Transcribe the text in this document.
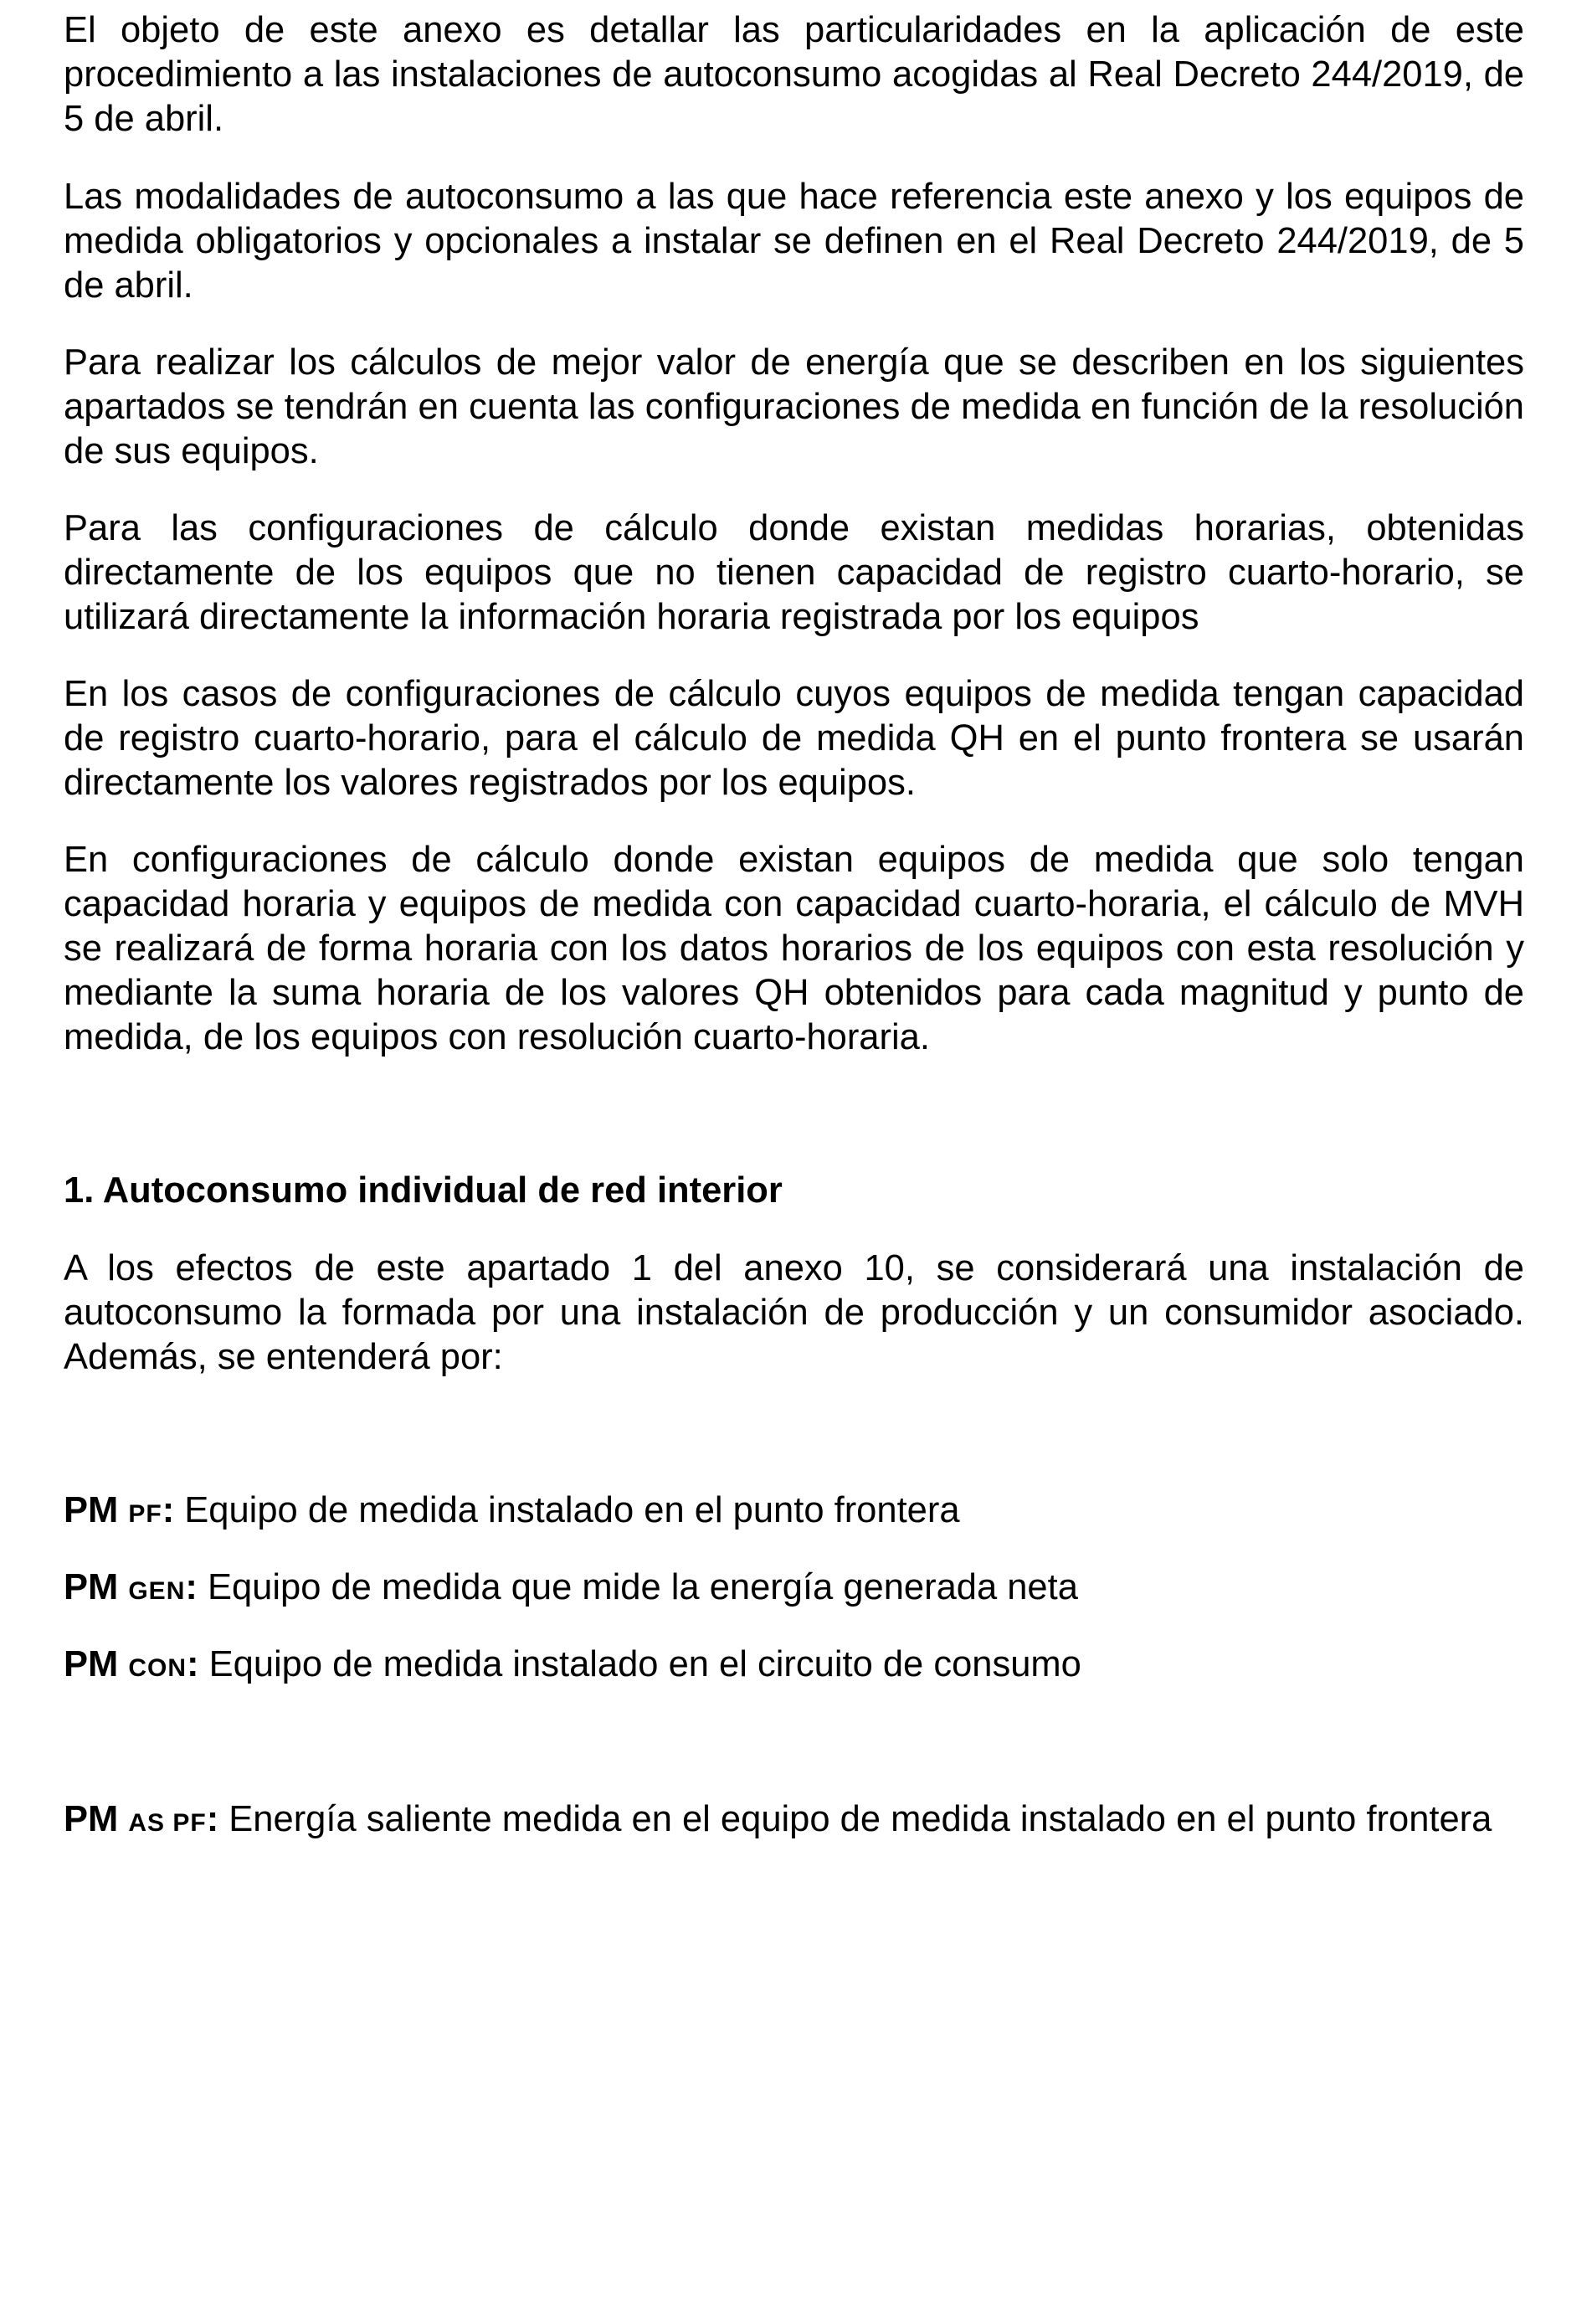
El objeto de este anexo es detallar las particularidades en la aplicación de este procedimiento a las instalaciones de autoconsumo acogidas al Real Decreto 244/2019, de 5 de abril.

Las modalidades de autoconsumo a las que hace referencia este anexo y los equipos de medida obligatorios y opcionales a instalar se definen en el Real Decreto 244/2019, de 5 de abril.

Para realizar los cálculos de mejor valor de energía que se describen en los siguientes apartados se tendrán en cuenta las configuraciones de medida en función de la resolución de sus equipos.

Para las configuraciones de cálculo donde existan medidas horarias, obtenidas directamente de los equipos que no tienen capacidad de registro cuarto-horario, se utilizará directamente la información horaria registrada por los equipos

En los casos de configuraciones de cálculo cuyos equipos de medida tengan capacidad de registro cuarto-horario, para el cálculo de medida QH en el punto frontera se usarán directamente los valores registrados por los equipos.

En configuraciones de cálculo donde existan equipos de medida que solo tengan capacidad horaria y equipos de medida con capacidad cuarto-horaria, el cálculo de MVH se realizará de forma horaria con los datos horarios de los equipos con esta resolución y mediante la suma horaria de los valores QH obtenidos para cada magnitud y punto de medida, de los equipos con resolución cuarto-horaria.

1. Autoconsumo individual de red interior

A los efectos de este apartado 1 del anexo 10, se considerará una instalación de autoconsumo la formada por una instalación de producción y un consumidor asociado. Además, se entenderá por:

PM PF: Equipo de medida instalado en el punto frontera

PM GEN: Equipo de medida que mide la energía generada neta

PM CON: Equipo de medida instalado en el circuito de consumo

PM AS PF: Energía saliente medida en el equipo de medida instalado en el punto frontera
